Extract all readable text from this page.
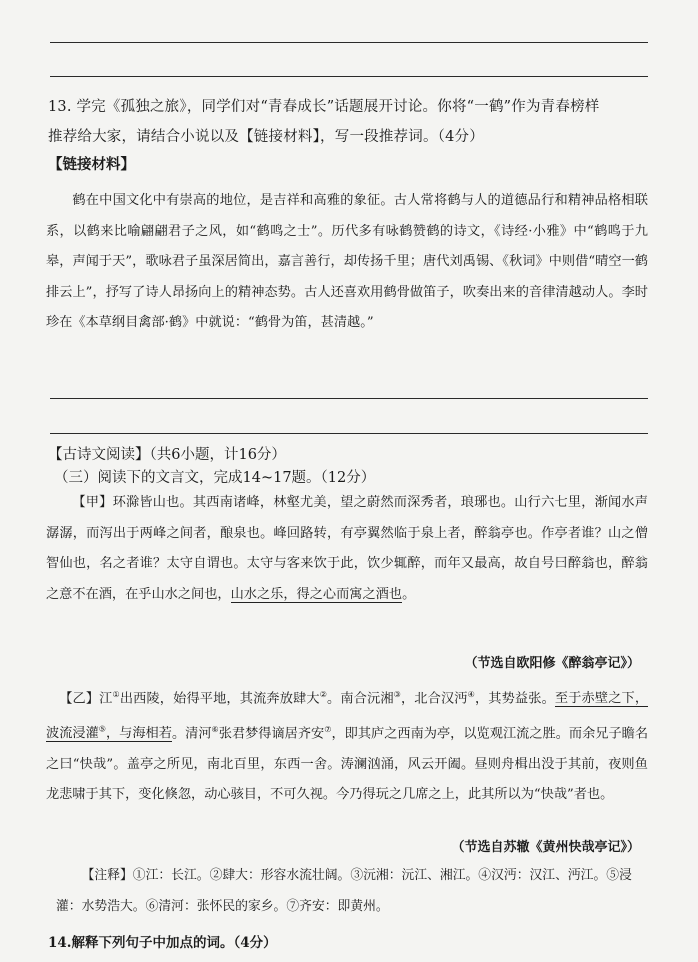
13. 学完《孤独之旅》，同学们对“青春成长”话题展开讨论。你将“一鹤”作为青春榜样
推荐给大家，请结合小说以及【链接材料】，写一段推荐词。（4分）
【链接材料】

鹤在中国文化中有崇高的地位，是吉祥和高雅的象征。古人常将鹤与人的道德品行和精神品格相联系，以鹤来比喻翩翩君子之风，如“鹤鸣之士”。历代多有咏鹤赞鹤的诗文，《诗经·小雅》中“鹤鸣于九皋，声闻于天”，歌咏君子虽深居简出，嘉言善行，却传扬千里；唐代刘禹锡、《秋词》中则借“晴空一鹤排云上”，抒写了诗人昂扬向上的精神态势。古人还喜欢用鹤骨做笛子，吹奏出来的音律清越动人。李时珍在《本草纲目禽部·鹤》中就说：“鹤骨为笛，甚清越。”

【古诗文阅读】（共6小题，计16分）
（三）阅读下的文言文，完成14~17题。（12分）

【甲】环滁皆山也。其西南诸峰，林壑尤美，望之蔚然而深秀者，琅琊也。山行六七里，渐闻水声潺潺，而泻出于两峰之间者，酿泉也。峰回路转，有亭翼然临于泉上者，醉翁亭也。作亭者谁？山之僧智仙也，名之者谁？太守自谓也。太守与客来饮于此，饮少辄醉，而年又最高，故自号曰醉翁也，醉翁之意不在酒，在乎山水之间也，山水之乐，得之心而寓之酒也。

（节选自欧阳修《醉翁亭记》）

【乙】江①出西陵，始得平地，其流奔放肆大②。南合沅湘③，北合汉沔④，其势益张。至于赤壁之下，波流浸灌⑤，与海相若。清河⑥张君梦得谪居齐安⑦，即其庐之西南为亭，以览观江流之胜。而余兄子瞻名之曰“快哉”。盖亭之所见，南北百里，东西一舍。涛澜汹涌，风云开阖。昼则舟楫出没于其前，夜则鱼龙悲啸于其下，变化倏忽，动心骇目，不可久视。今乃得玩之几席之上，此其所以为“快哉”者也。

（节选自苏辙《黄州快哉亭记》）

【注释】①江：长江。②肆大：形容水流壮阔。③沅湘：沅江、湘江。④汉沔：汉江、沔江。⑤浸灌：水势浩大。⑥清河：张怀民的家乡。⑦齐安：即黄州。

14.解释下列句子中加点的词。（4分）
